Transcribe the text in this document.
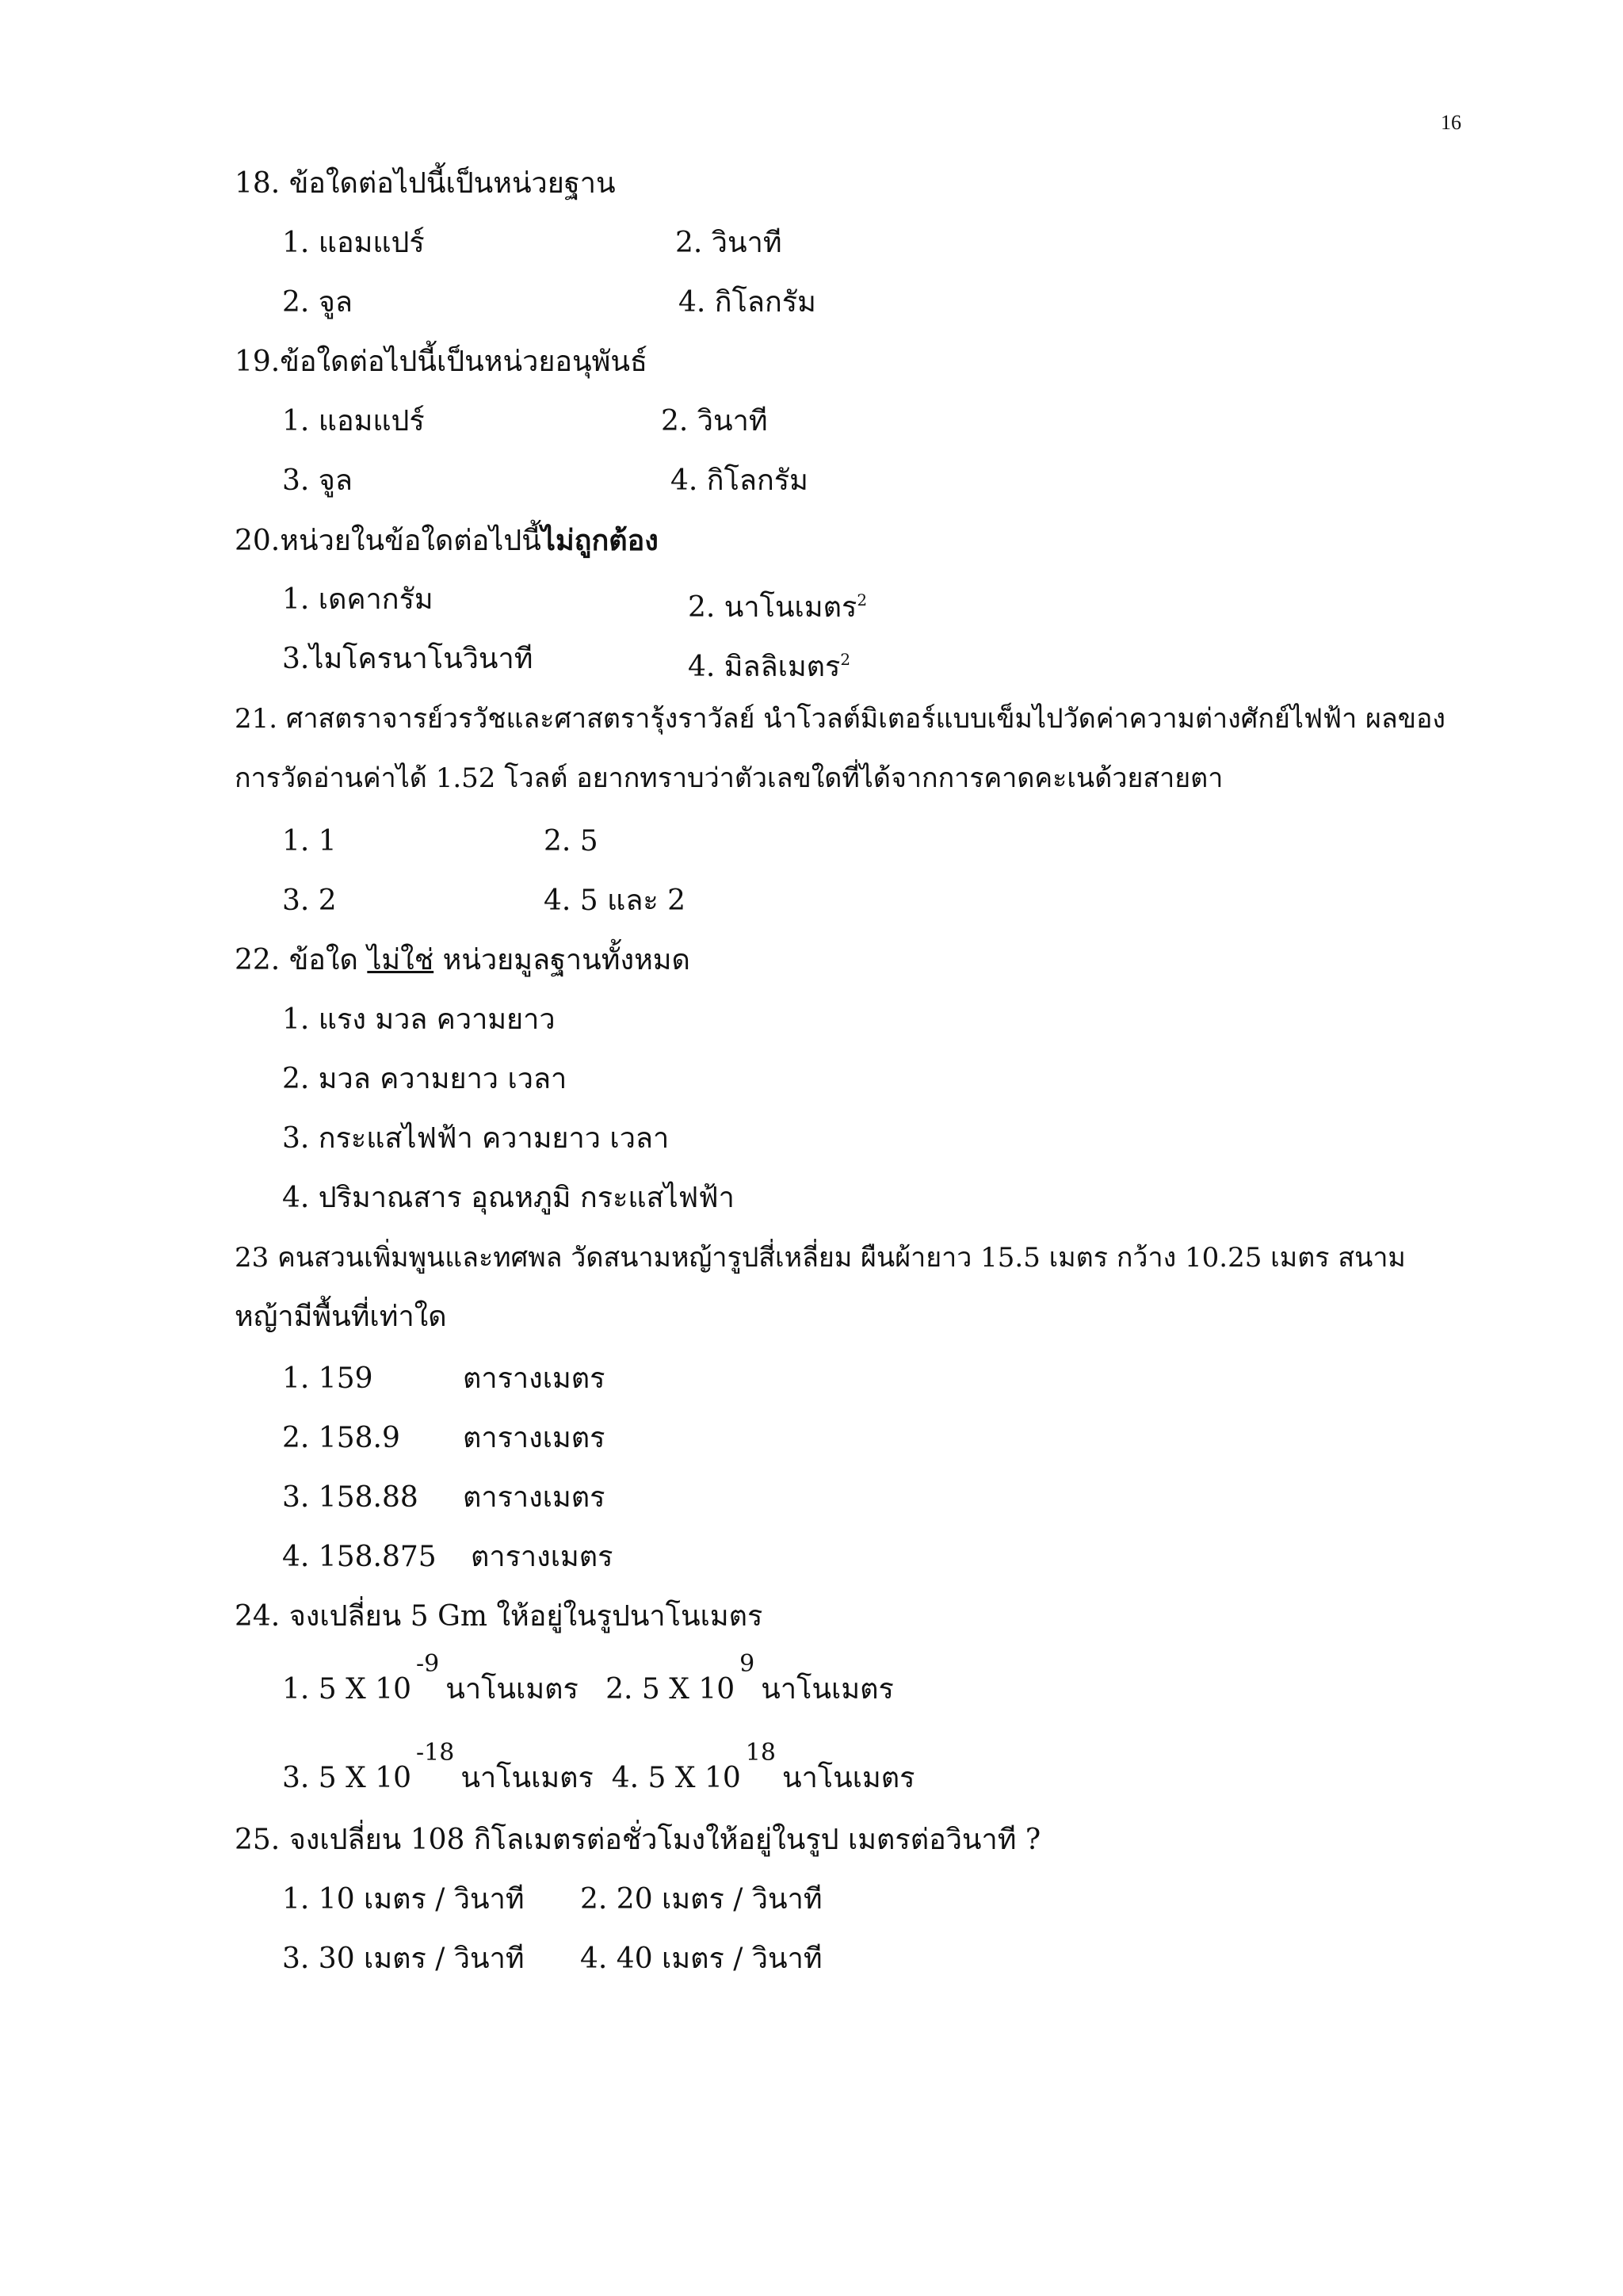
16
18. ข้อใดต่อไปนี้เป็นหน่วยฐาน
1. แอมแปร์	2. วินาที
2. จูล	4. กิโลกรัม
19.ข้อใดต่อไปนี้เป็นหน่วยอนุพันธ์
1. แอมแปร์	2. วินาที
3. จูล	4. กิโลกรัม
20.หน่วยในข้อใดต่อไปนี้ไม่ถูกต้อง
1. เดคากรัม	2. นาโนเมตร$^2$
3.ไมโครนาโนวินาที	4. มิลลิเมตร$^2$
21. ศาสตราจารย์วรวัชและศาสตรารุ้งราวัลย์ นำโวลต์มิเตอร์แบบเข็มไปวัดค่าความต่างศักย์ไฟฟ้า ผลของ
การวัดอ่านค่าได้ 1.52 โวลต์ อยากทราบว่าตัวเลขใดที่ได้จากการคาดคะเนด้วยสายตา
1. 1	2. 5
3. 2	4. 5 และ 2
22. ข้อใด ไม่ใช่ หน่วยมูลฐานทั้งหมด
1. แรง มวล ความยาว
2. มวล ความยาว เวลา
3. กระแสไฟฟ้า ความยาว เวลา
4. ปริมาณสาร อุณหภูมิ กระแสไฟฟ้า
23 คนสวนเพิ่มพูนและทศพล วัดสนามหญ้ารูปสี่เหลี่ยม ผืนผ้ายาว 15.5 เมตร กว้าง 10.25 เมตร สนาม
หญ้ามีพื้นที่เท่าใด
1. 159	ตารางเมตร
2. 158.9 ตารางเมตร
3. 158.88 ตารางเมตร
4. 158.875 ตารางเมตร
24. จงเปลี่ยน 5 Gm ให้อยู่ในรูปนาโนเมตร
1. 5 X 10-9นาโนเมตร 2. 5 X 109นาโนเมตร
3. 5 X 10-18นาโนเมตร 4. 5 X 1018นาโนเมตร
25. จงเปลี่ยน 108 กิโลเมตรต่อชั่วโมงให้อยู่ในรูป เมตรต่อวินาที ?
1. 10 เมตร / วินาที 2. 20 เมตร / วินาที
3. 30 เมตร / วินาที 4. 40 เมตร / วินาที
